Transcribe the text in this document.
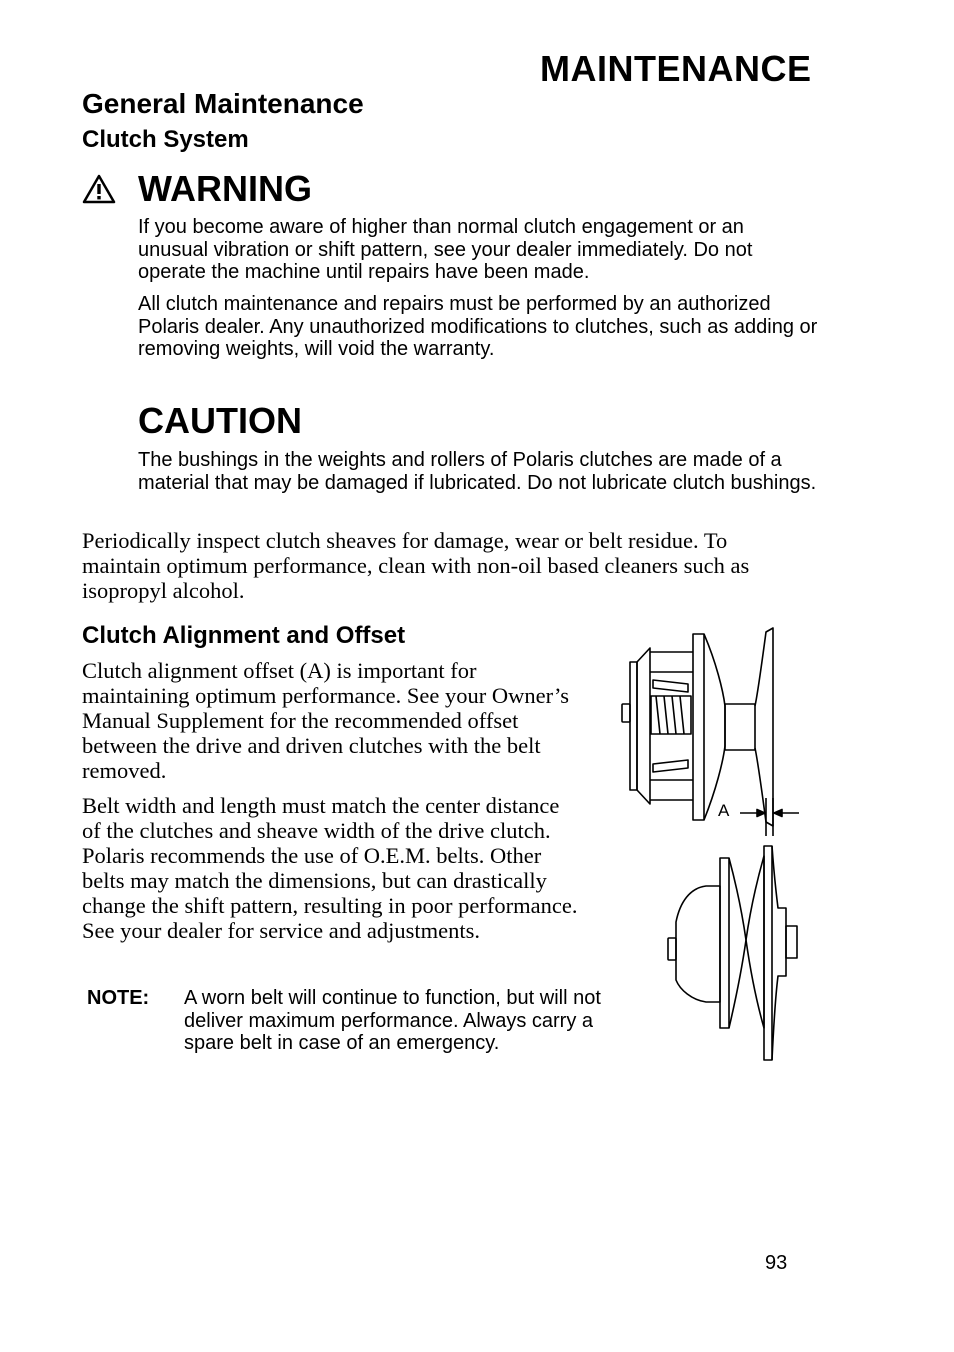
MAINTENANCE
General Maintenance
Clutch System
WARNING

If you become aware of higher than normal clutch engagement or an unusual vibration or shift pattern, see your dealer immediately. Do not operate the machine until repairs have been made.

All clutch maintenance and repairs must be performed by an authorized Polaris dealer. Any unauthorized modifications to clutches, such as adding or removing weights, will void the warranty.

CAUTION

The bushings in the weights and rollers of Polaris clutches are made of a material that may be damaged if lubricated. Do not lubricate clutch bushings.

Periodically inspect clutch sheaves for damage, wear or belt residue. To maintain optimum performance, clean with non-oil based cleaners such as isopropyl alcohol.

Clutch Alignment and Offset

Clutch alignment offset (A) is important for maintaining optimum performance. See your Owner’s Manual Supplement for the recommended offset between the drive and driven clutches with the belt removed.

Belt width and length must match the center distance of the clutches and sheave width of the drive clutch. Polaris recommends the use of O.E.M. belts. Other belts may match the dimensions, but can drastically change the shift pattern, resulting in poor performance. See your dealer for service and adjustments.

NOTE: A worn belt will continue to function, but will not deliver maximum performance. Always carry a spare belt in case of an emergency.

A
93
